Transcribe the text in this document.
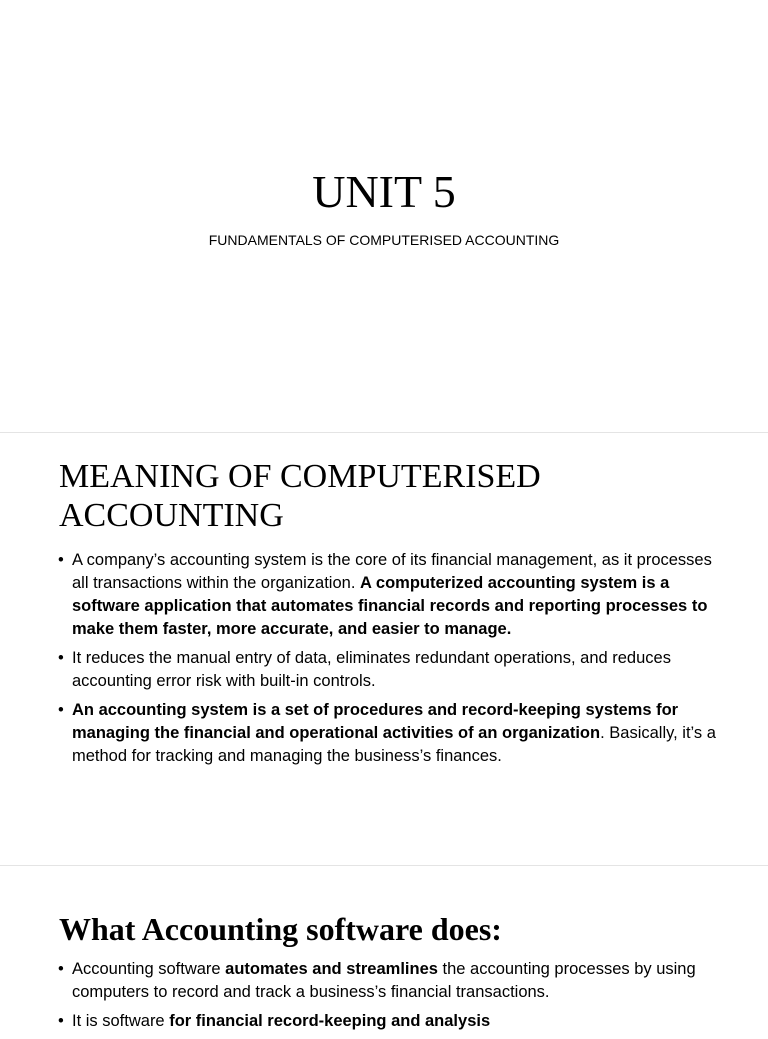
UNIT 5

FUNDAMENTALS OF COMPUTERISED ACCOUNTING

MEANING OF COMPUTERISED
ACCOUNTING
• A company’s accounting system is the core of its financial management, as it processes all transactions within the organization. A computerized accounting system is a software application that automates financial records and reporting processes to make them faster, more accurate, and easier to manage.
• It reduces the manual entry of data, eliminates redundant operations, and reduces accounting error risk with built-in controls.
• An accounting system is a set of procedures and record-keeping systems for managing the financial and operational activities of an organization. Basically, it’s a method for tracking and managing the business’s finances.
What Accounting software does:
• Accounting software automates and streamlines the accounting processes by using computers to record and track a business’s financial transactions.
• It is software for financial record-keeping and analysis
